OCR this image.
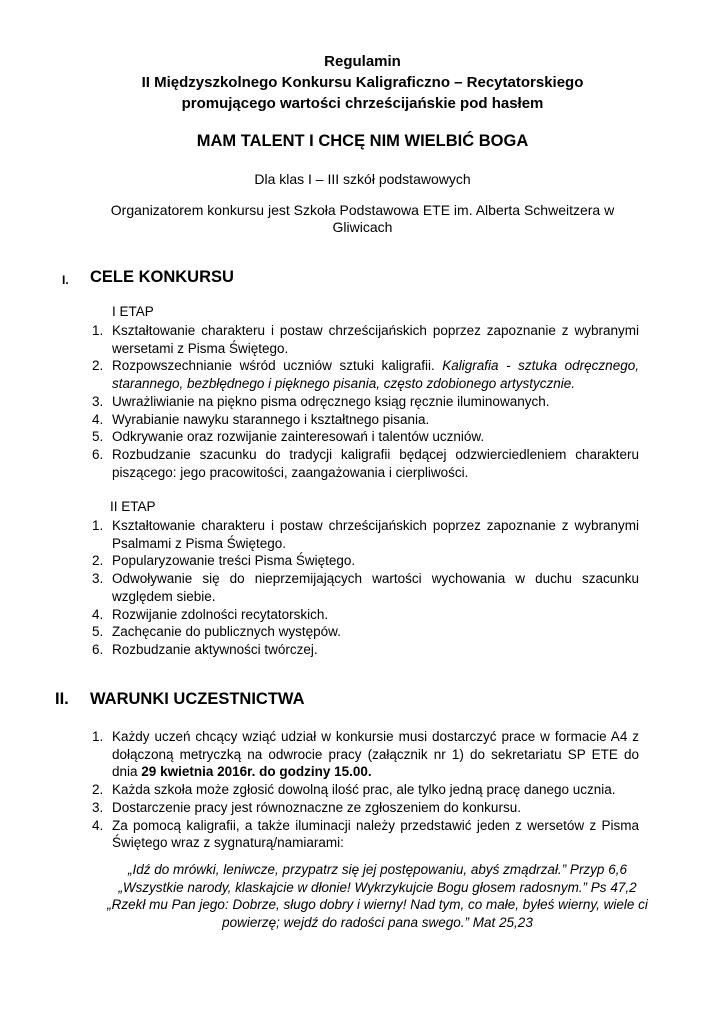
Regulamin
II Międzyszkolnego Konkursu Kaligraficzno – Recytatorskiego
promującego wartości chrześcijańskie pod hasłem
MAM TALENT I CHCĘ NIM WIELBIĆ BOGA
Dla klas I – III szkół podstawowych
Organizatorem konkursu jest Szkoła Podstawowa ETE im. Alberta Schweitzera w Gliwicach
I. CELE KONKURSU
I ETAP
1. Kształtowanie charakteru i postaw chrześcijańskich poprzez zapoznanie z wybranymi wersetami z Pisma Świętego.
2. Rozpowszechnianie wśród uczniów sztuki kaligrafii. Kaligrafia - sztuka odręcznego, starannego, bezbłędnego i pięknego pisania, często zdobionego artystycznie.
3. Uwrażliwianie na piękno pisma odręcznego ksiąg ręcznie iluminowanych.
4. Wyrabianie nawyku starannego i kształtnego pisania.
5. Odkrywanie oraz rozwijanie zainteresowań i talentów uczniów.
6. Rozbudzanie szacunku do tradycji kaligrafii będącej odzwierciedleniem charakteru piszącego: jego pracowitości, zaangażowania i cierpliwości.
II ETAP
1. Kształtowanie charakteru i postaw chrześcijańskich poprzez zapoznanie z wybranymi Psalmami z Pisma Świętego.
2. Popularyzowanie treści Pisma Świętego.
3. Odwoływanie się do nieprzemijających wartości wychowania w duchu szacunku względem siebie.
4. Rozwijanie zdolności recytatorskich.
5. Zachęcanie do publicznych występów.
6. Rozbudzanie aktywności twórczej.
II. WARUNKI UCZESTNICTWA
1. Każdy uczeń chcący wziąć udział w konkursie musi dostarczyć prace w formacie A4 z dołączoną metryczką na odwrocie pracy (załącznik nr 1) do sekretariatu SP ETE do dnia 29 kwietnia 2016r. do godziny 15.00.
2. Każda szkoła może zgłosić dowolną ilość prac, ale tylko jedną pracę danego ucznia.
3. Dostarczenie pracy jest równoznaczne ze zgłoszeniem do konkursu.
4. Za pomocą kaligrafii, a także iluminacji należy przedstawić jeden z wersetów z Pisma Świętego wraz z sygnaturą/namiarami:
„Idź do mrówki, leniwcze, przypatrz się jej postępowaniu, abyś zmądrzał.” Przyp 6,6
„Wszystkie narody, klaskajcie w dłonie! Wykrzykujcie Bogu głosem radosnym.” Ps 47,2
„Rzekł mu Pan jego: Dobrze, sługo dobry i wierny! Nad tym, co małe, byłeś wierny, wiele ci powierzę; wejdź do radości pana swego.” Mat 25,23
